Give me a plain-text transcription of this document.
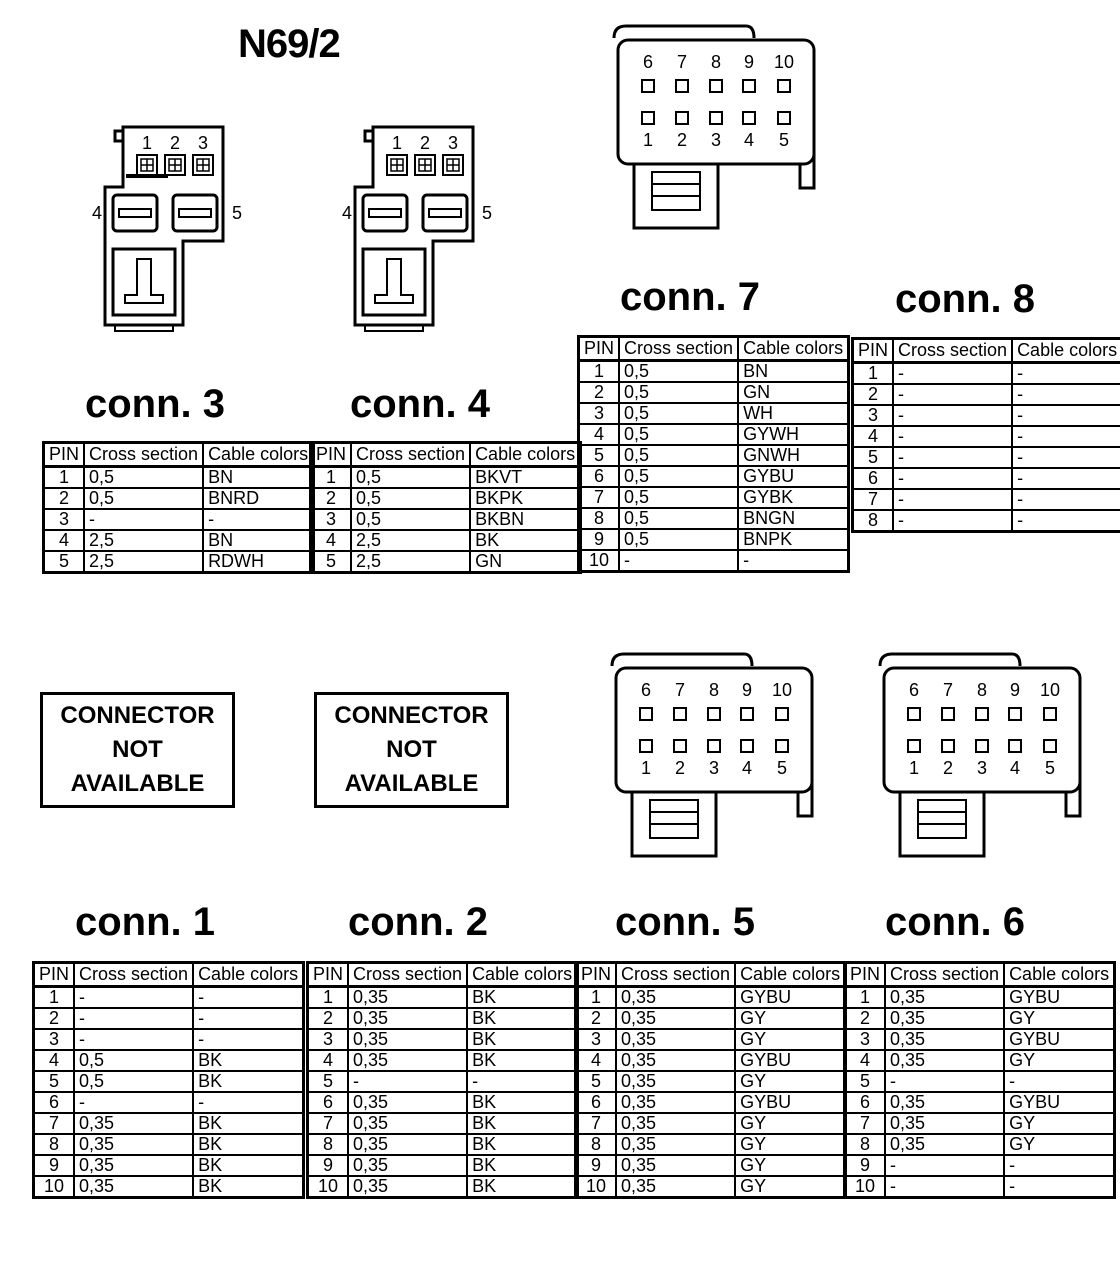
N69/2
1 2 3
4	5
1 2 3
4	5
6
1
7
2
8
3
9
4
10
5
6
1
7
2
8
3
9
4
10
5
6
1
7
2
8
3
9
4
10
5
conn. 3	conn. 4
conn. 7	conn. 8
conn. 1	conn. 2	conn. 5	conn. 6
PIN	Cross section	Cable colors
1	0,5	BN
2	0,5	BNRD
3	-	-
4	2,5	BN
5	2,5	RDWH
PIN	Cross section	Cable colors
1	0,5	BKVT
2	0,5	BKPK
3	0,5	BKBN
4	2,5	BK
5	2,5	GN
PIN	Cross section	Cable colors
1	0,5	BN
2	0,5	GN
3	0,5	WH
4	0,5	GYWH
5	0,5	GNWH
6	0,5	GYBU
7	0,5	GYBK
8	0,5	BNGN
9	0,5	BNPK
10	-	-
PIN	Cross section	Cable colors
1	-	-
2	-	-
3	-	-
4	-	-
5	-	-
6	-	-
7	-	-
8	-	-
PIN	Cross section	Cable colors
1	-	-
2	-	-
3	-	-
4	0,5	BK
5	0,5	BK
6	-	-
7	0,35	BK
8	0,35	BK
9	0,35	BK
10	0,35	BK
PIN	Cross section	Cable colors
1	0,35	BK
2	0,35	BK
3	0,35	BK
4	0,35	BK
5	-	-
6	0,35	BK
7	0,35	BK
8	0,35	BK
9	0,35	BK
10	0,35	BK
PIN	Cross section	Cable colors
1	0,35	GYBU
2	0,35	GY
3	0,35	GY
4	0,35	GYBU
5	0,35	GY
6	0,35	GYBU
7	0,35	GY
8	0,35	GY
9	0,35	GY
10	0,35	GY
PIN	Cross section	Cable colors
1	0,35	GYBU
2	0,35	GY
3	0,35	GYBU
4	0,35	GY
5	-	-
6	0,35	GYBU
7	0,35	GY
8	0,35	GY
9	-	-
10	-	-
CONNECTOR
NOT
AVAILABLE
CONNECTOR
NOT
AVAILABLE
